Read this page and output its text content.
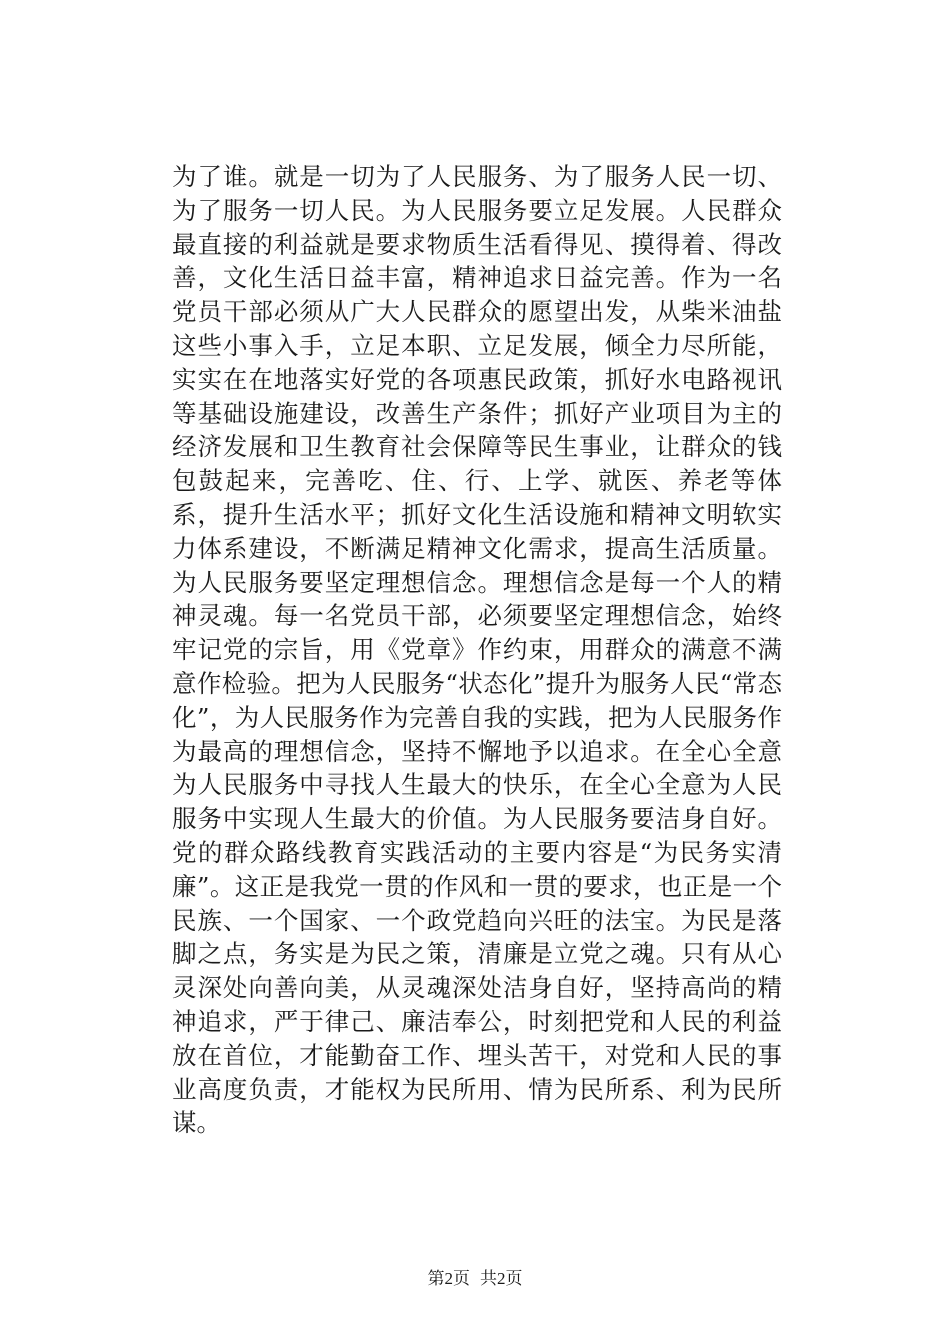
为了谁。就是一切为了人民服务、为了服务人民一切、为了服务一切人民。为人民服务要立足发展。人民群众最直接的利益就是要求物质生活看得见、摸得着、得改善，文化生活日益丰富，精神追求日益完善。作为一名党员干部必须从广大人民群众的愿望出发，从柴米油盐这些小事入手，立足本职、立足发展，倾全力尽所能，实实在在地落实好党的各项惠民政策，抓好水电路视讯等基础设施建设，改善生产条件；抓好产业项目为主的经济发展和卫生教育社会保障等民生事业，让群众的钱包鼓起来，完善吃、住、行、上学、就医、养老等体系，提升生活水平；抓好文化生活设施和精神文明软实力体系建设，不断满足精神文化需求，提高生活质量。为人民服务要坚定理想信念。理想信念是每一个人的精神灵魂。每一名党员干部，必须要坚定理想信念，始终牢记党的宗旨，用《党章》作约束，用群众的满意不满意作检验。把为人民服务“状态化”提升为服务人民“常态化”，为人民服务作为完善自我的实践，把为人民服务作为最高的理想信念，坚持不懈地予以追求。在全心全意为人民服务中寻找人生最大的快乐，在全心全意为人民服务中实现人生最大的价值。为人民服务要洁身自好。党的群众路线教育实践活动的主要内容是“为民务实清廉”。这正是我党一贯的作风和一贯的要求，也正是一个民族、一个国家、一个政党趋向兴旺的法宝。为民是落脚之点，务实是为民之策，清廉是立党之魂。只有从心灵深处向善向美，从灵魂深处洁身自好，坚持高尚的精神追求，严于律己、廉洁奉公，时刻把党和人民的利益放在首位，才能勤奋工作、埋头苦干，对党和人民的事业高度负责，才能权为民所用、情为民所系、利为民所谋。

第2页 共2页
